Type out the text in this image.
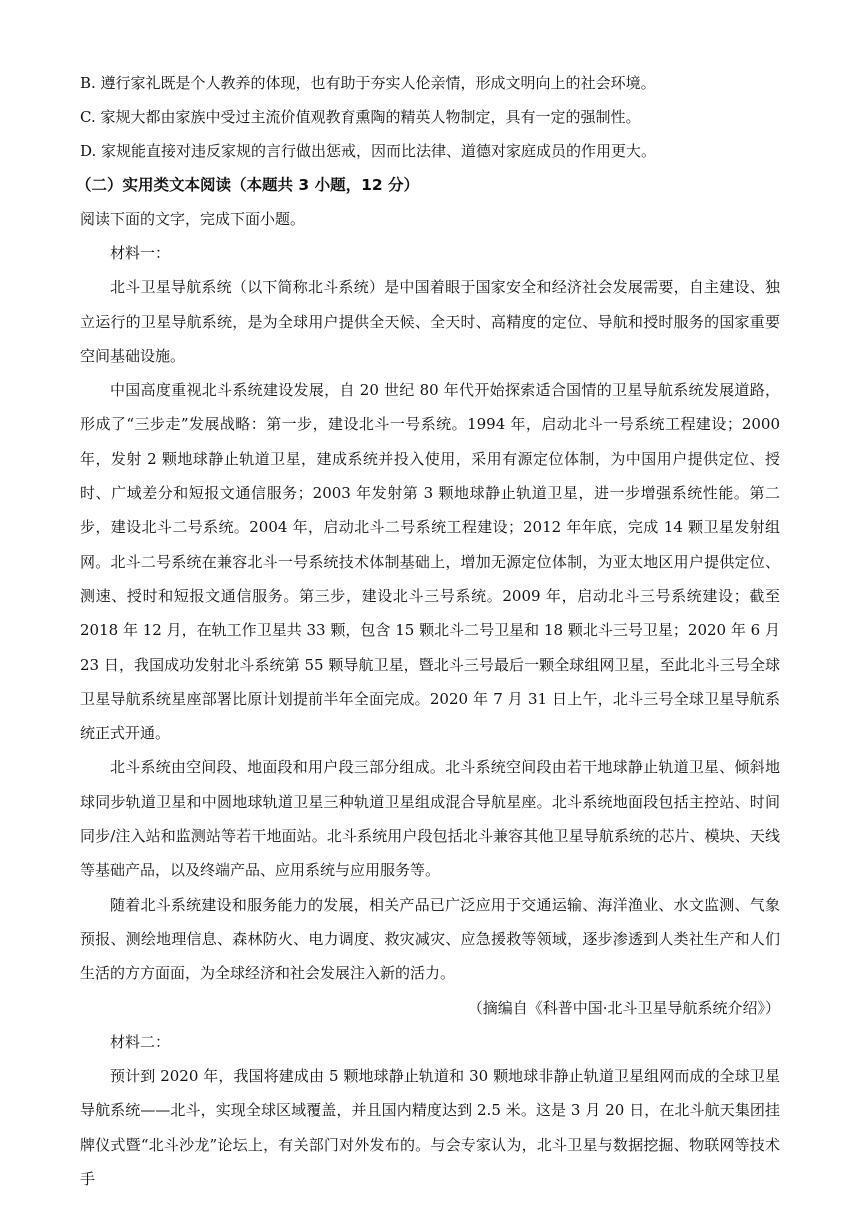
B. 遵行家礼既是个人教养的体现，也有助于夯实人伦亲情，形成文明向上的社会环境。

C. 家规大都由家族中受过主流价值观教育熏陶的精英人物制定，具有一定的强制性。

D. 家规能直接对违反家规的言行做出惩戒，因而比法律、道德对家庭成员的作用更大。

（二）实用类文本阅读（本题共 3 小题，12 分）

阅读下面的文字，完成下面小题。

材料一：

北斗卫星导航系统（以下简称北斗系统）是中国着眼于国家安全和经济社会发展需要，自主建设、独立运行的卫星导航系统，是为全球用户提供全天候、全天时、高精度的定位、导航和授时服务的国家重要空间基础设施。

中国高度重视北斗系统建设发展，自 20 世纪 80 年代开始探索适合国情的卫星导航系统发展道路，形成了“三步走”发展战略：第一步，建设北斗一号系统。1994 年，启动北斗一号系统工程建设；2000 年，发射 2 颗地球静止轨道卫星，建成系统并投入使用，采用有源定位体制，为中国用户提供定位、授时、广域差分和短报文通信服务；2003 年发射第 3 颗地球静止轨道卫星，进一步增强系统性能。第二步，建设北斗二号系统。2004 年，启动北斗二号系统工程建设；2012 年年底，完成 14 颗卫星发射组网。北斗二号系统在兼容北斗一号系统技术体制基础上，增加无源定位体制，为亚太地区用户提供定位、测速、授时和短报文通信服务。第三步，建设北斗三号系统。2009 年，启动北斗三号系统建设；截至 2018 年 12 月，在轨工作卫星共 33 颗，包含 15 颗北斗二号卫星和 18 颗北斗三号卫星；2020 年 6 月 23 日，我国成功发射北斗系统第 55 颗导航卫星，暨北斗三号最后一颗全球组网卫星，至此北斗三号全球卫星导航系统星座部署比原计划提前半年全面完成。2020 年 7 月 31 日上午，北斗三号全球卫星导航系统正式开通。

北斗系统由空间段、地面段和用户段三部分组成。北斗系统空间段由若干地球静止轨道卫星、倾斜地球同步轨道卫星和中圆地球轨道卫星三种轨道卫星组成混合导航星座。北斗系统地面段包括主控站、时间同步/注入站和监测站等若干地面站。北斗系统用户段包括北斗兼容其他卫星导航系统的芯片、模块、天线等基础产品，以及终端产品、应用系统与应用服务等。

随着北斗系统建设和服务能力的发展，相关产品已广泛应用于交通运输、海洋渔业、水文监测、气象预报、测绘地理信息、森林防火、电力调度、救灾减灾、应急援救等领域，逐步渗透到人类社生产和人们生活的方方面面，为全球经济和社会发展注入新的活力。

（摘编自《科普中国·北斗卫星导航系统介绍》）

材料二：

预计到 2020 年，我国将建成由 5 颗地球静止轨道和 30 颗地球非静止轨道卫星组网而成的全球卫星导航系统——北斗，实现全球区域覆盖，并且国内精度达到 2.5 米。这是 3 月 20 日，在北斗航天集团挂牌仪式暨“北斗沙龙”论坛上，有关部门对外发布的。与会专家认为，北斗卫星与数据挖掘、物联网等技术手
